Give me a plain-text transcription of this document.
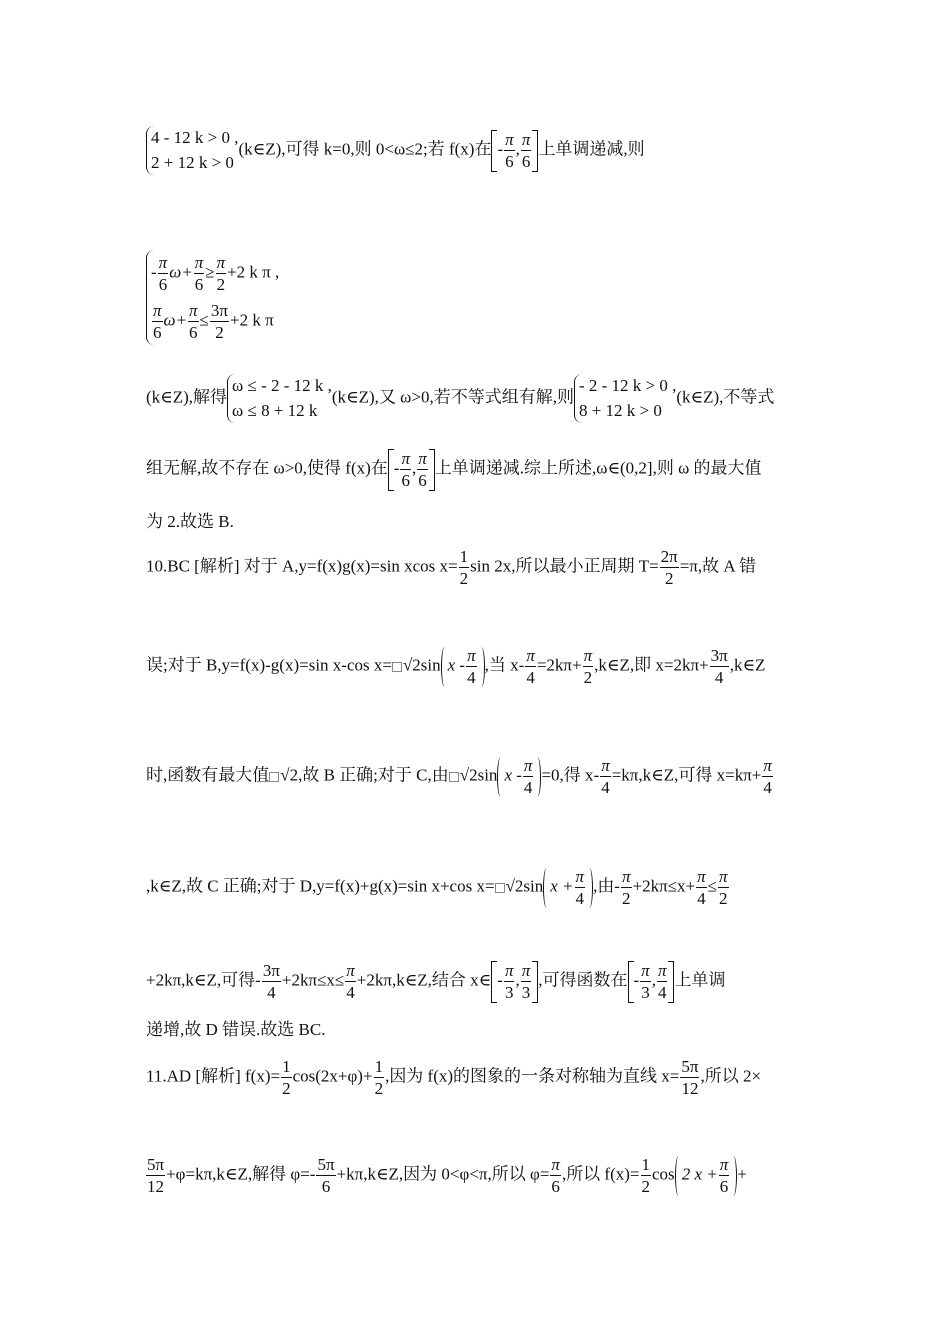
4 - 12 k > 0 ,
2 + 12 k > 0
(k∈Z),可得 k=0,则 0<ω≤2;若 f(x)在 - $\frac{\pi}{6}$ , $\frac{\pi}{6}$ 上单调递减,则
- $\frac{\pi}{6} \omega+ \frac{\pi}{6} \ge \frac{\pi}{2} +2$ k π ,
$\frac{\pi}{6} \omega+ \frac{\pi}{6} \le \frac{3\pi}{2} +2$ k π
(k∈Z),解得
ω ≤ - 2 - 12 k ,
ω ≤ 8 + 12 k
(k∈Z),又 ω>0,若不等式组有解,则
- 2 - 12 k > 0 ,
8 + 12 k > 0
(k∈Z),不等式
组无解,故不存在 ω>0,使得 f(x)在 - $\frac{\pi}{6}$ , $\frac{\pi}{6}$ 上单调递减.综上所述,ω∈(0,2],则 ω 的最大值
为 2.故选 B.
10.BC [解析] 对于 A,y=f(x)g(x)=sin xcos $x= \frac{1}{2}$ sin 2x,所以最小正周期 $T= \frac{2\pi}{2} =\pi$,故 A 错
误;对于 B,y=f(x)-g(x)=sin x-cos x= √2sin x - $\frac{\pi}{4}$ ,当 $x- \frac{\pi}{4} =2k\pi+ \frac{\pi}{2}$ ,k∈Z,即 $x=2k\pi+ \frac{3\pi}{4}$ ,k∈Z
时,函数有最大值 √2,故 B 正确;对于 C,由 √2sin $x - \frac{\pi}{4} =0$,得 $x- \frac{\pi}{4}$ =kπ,k∈Z,可得 $x=k\pi+ \frac{\pi}{4}$
,k∈Z,故 C 正确;对于 D,y=f(x)+g(x)=sin x+cos x= √2sin $x + \frac{\pi}{4}$ ,由- $\frac{\pi}{2} +2k\pi\le x+ \frac{\pi}{4} \le \frac{\pi}{2}$
+2kπ,k∈Z,可得- $\frac{3\pi}{4} +2k\pi\le x\le \frac{\pi}{4}$ +2kπ,k∈Z,结合 x∈ - $\frac{\pi}{3}$ , $\frac{\pi}{3}$ ,可得函数在 - $\frac{\pi}{3}$ , $\frac{\pi}{4}$ 上单调
递增,故 D 错误.故选 BC.
11.AD [解析] $f(x)= \frac{1}{2} \cos(2x+\varphi)+ \frac{1}{2}$ ,因为 f(x)的图象的一条对称轴为直线 $x= \frac{5\pi}{12}$ ,所以 2×
$\frac{5\pi}{12}$ +φ=kπ,k∈Z,解得 $\varphi=- \frac{5\pi}{6}$ +kπ,k∈Z,因为 0<φ<π,所以 $\varphi= \frac{\pi}{6}$ ,所以 $f(x)= \frac{1}{2}$ cos 2 $x + \frac{\pi}{6}$ +
